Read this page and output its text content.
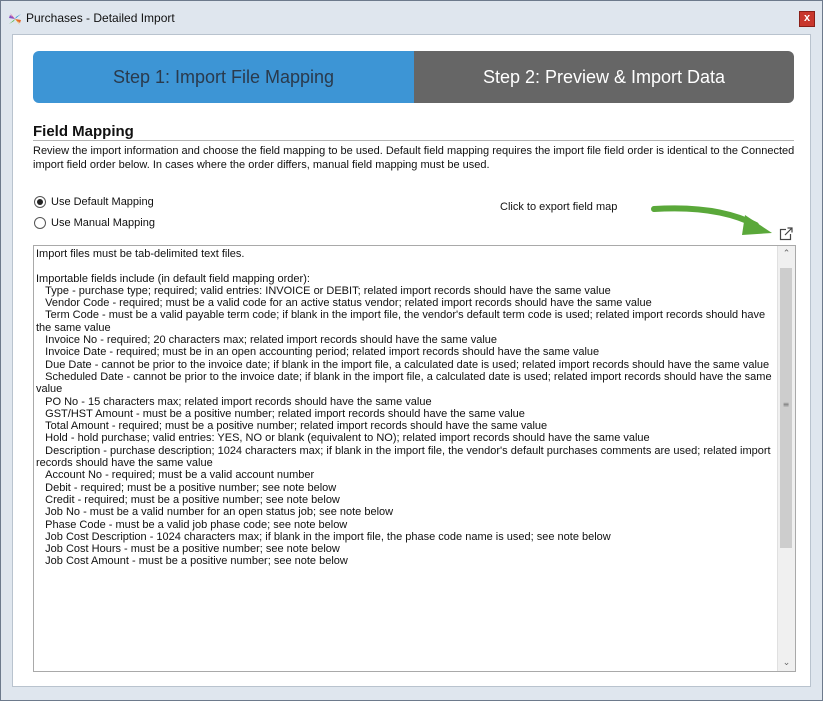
Purchases - Detailed Import	x
Step 1: Import File Mapping	Step 2: Preview & Import Data
Field Mapping
Review the import information and choose the field mapping to be used. Default field mapping requires the import file field order is identical to the Connected import field order below. In cases where the order differs, manual field mapping must be used.
Use Default Mapping
Use Manual Mapping
Click to export field map
Import files must be tab-delimited text files.

Importable fields include (in default field mapping order):
Type - purchase type; required; valid entries: INVOICE or DEBIT; related import records should have the same value
Vendor Code - required; must be a valid code for an active status vendor; related import records should have the same value
Term Code - must be a valid payable term code; if blank in the import file, the vendor's default term code is used; related import records should have the same value
Invoice No - required; 20 characters max; related import records should have the same value
Invoice Date - required; must be in an open accounting period; related import records should have the same value
Due Date - cannot be prior to the invoice date; if blank in the import file, a calculated date is used; related import records should have the same value
Scheduled Date - cannot be prior to the invoice date; if blank in the import file, a calculated date is used; related import records should have the same value
PO No - 15 characters max; related import records should have the same value
GST/HST Amount - must be a positive number; related import records should have the same value
Total Amount - required; must be a positive number; related import records should have the same value
Hold - hold purchase; valid entries: YES, NO or blank (equivalent to NO); related import records should have the same value
Description - purchase description; 1024 characters max; if blank in the import file, the vendor's default purchases comments are used; related import records should have the same value
Account No - required; must be a valid account number
Debit - required; must be a positive number; see note below
Credit - required; must be a positive number; see note below
Job No - must be a valid number for an open status job; see note below
Phase Code - must be a valid job phase code; see note below
Job Cost Description - 1024 characters max; if blank in the import file, the phase code name is used; see note below
Job Cost Hours - must be a positive number; see note below
Job Cost Amount - must be a positive number; see note below
⌃
≡
⌄
